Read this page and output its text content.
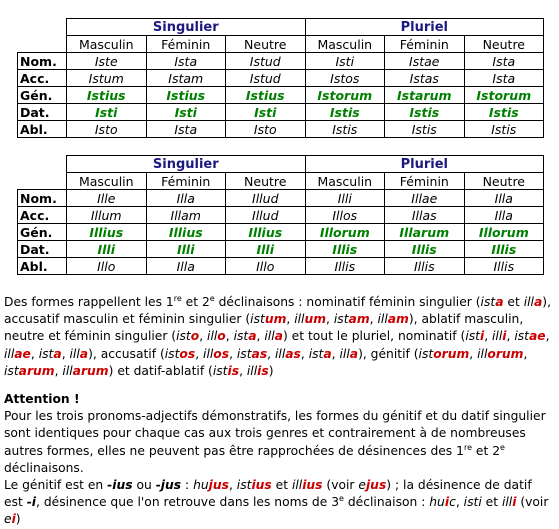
	Singulier			Pluriel		
	Masculin	Féminin	Neutre	Masculin	Féminin	Neutre
Nom.	Iste	Ista	Istud	Isti	Istae	Ista
Acc.	Istum	Istam	Istud	Istos	Istas	Ista
Gén.	Istius	Istius	Istius	Istorum	Istarum	Istorum
Dat.	Isti	Isti	Isti	Istis	Istis	Istis
Abl.	Isto	Ista	Isto	Istis	Istis	Istis
	Singulier			Pluriel		
	Masculin	Féminin	Neutre	Masculin	Féminin	Neutre
Nom.	Ille	Illa	Illud	Illi	Illae	Illa
Acc.	Illum	Illam	Illud	Illos	Illas	Illa
Gén.	Illius	Illius	Illius	Illorum	Illarum	Illorum
Dat.	Illi	Illi	Illi	Illis	Illis	Illis
Abl.	Illo	Illa	Illo	Illis	Illis	Illis

Des formes rappellent les 1re et 2e déclinaisons : nominatif féminin singulier (ista et illa), accusatif masculin et féminin singulier (istum, illum, istam, illam), ablatif masculin, neutre et féminin singulier (isto, illo, ista, illa) et tout le pluriel, nominatif (isti, illi, istae, illae, ista, illa), accusatif (istos, illos, istas, illas, ista, illa), génitif (istorum, illorum, istarum, illarum) et datif-ablatif (istis, illis)

Attention !

Pour les trois pronoms-adjectifs démonstratifs, les formes du génitif et du datif singulier sont identiques pour chaque cas aux trois genres et contrairement à de nombreuses autres formes, elles ne peuvent pas être rapprochées de désinences des 1re et 2e déclinaisons.

Le génitif est en -ius ou -jus : hujus, istius et illius (voir ejus) ; la désinence de datif est -i, désinence que l'on retrouve dans les noms de 3e déclinaison : huic, isti et illi (voir ei)
